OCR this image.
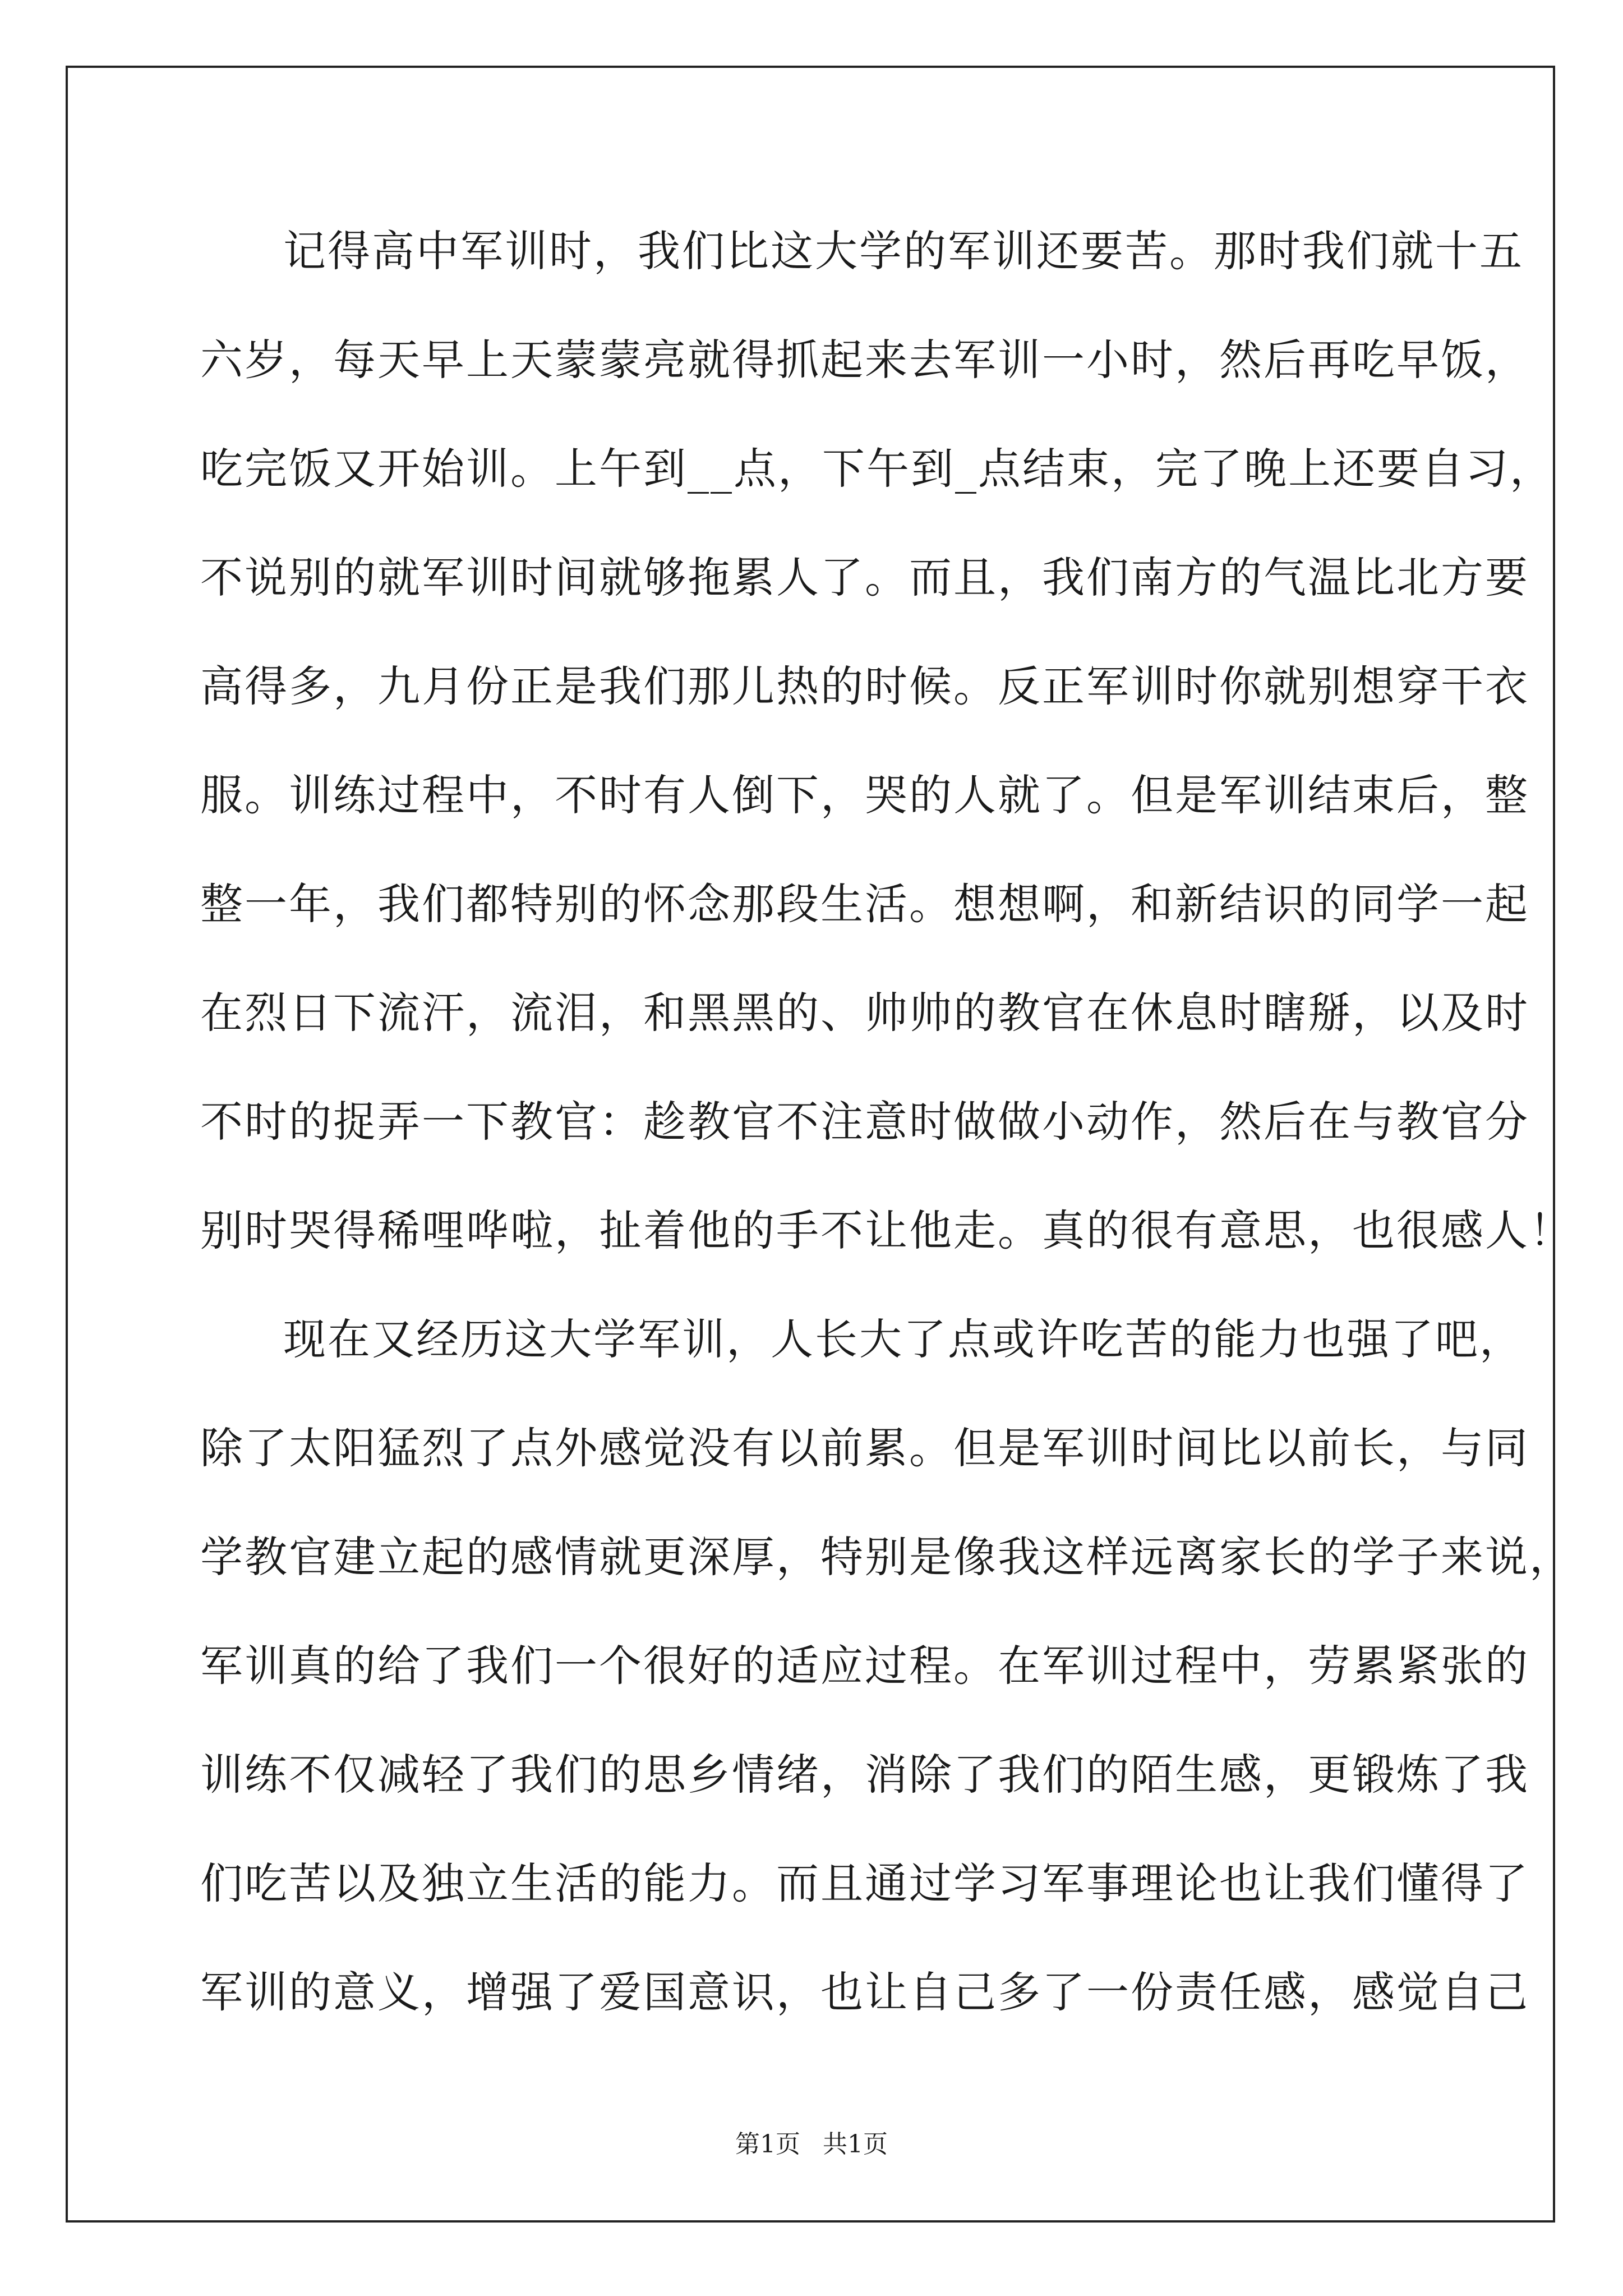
记得高中军训时，我们比这大学的军训还要苦。那时我们就十五
六岁，每天早上天蒙蒙亮就得抓起来去军训一小时，然后再吃早饭，
吃完饭又开始训。上午到__点，下午到_点结束，完了晚上还要自习，
不说别的就军训时间就够拖累人了。而且，我们南方的气温比北方要
高得多，九月份正是我们那儿热的时候。反正军训时你就别想穿干衣
服。训练过程中，不时有人倒下，哭的人就了。但是军训结束后，整
整一年，我们都特别的怀念那段生活。想想啊，和新结识的同学一起
在烈日下流汗，流泪，和黑黑的、帅帅的教官在休息时瞎掰，以及时
不时的捉弄一下教官：趁教官不注意时做做小动作，然后在与教官分
别时哭得稀哩哗啦，扯着他的手不让他走。真的很有意思，也很感人！
现在又经历这大学军训，人长大了点或许吃苦的能力也强了吧，
除了太阳猛烈了点外感觉没有以前累。但是军训时间比以前长，与同
学教官建立起的感情就更深厚，特别是像我这样远离家长的学子来说，
军训真的给了我们一个很好的适应过程。在军训过程中，劳累紧张的
训练不仅减轻了我们的思乡情绪，消除了我们的陌生感，更锻炼了我
们吃苦以及独立生活的能力。而且通过学习军事理论也让我们懂得了
军训的意义，增强了爱国意识，也让自己多了一份责任感，感觉自己
第1页 共1页
